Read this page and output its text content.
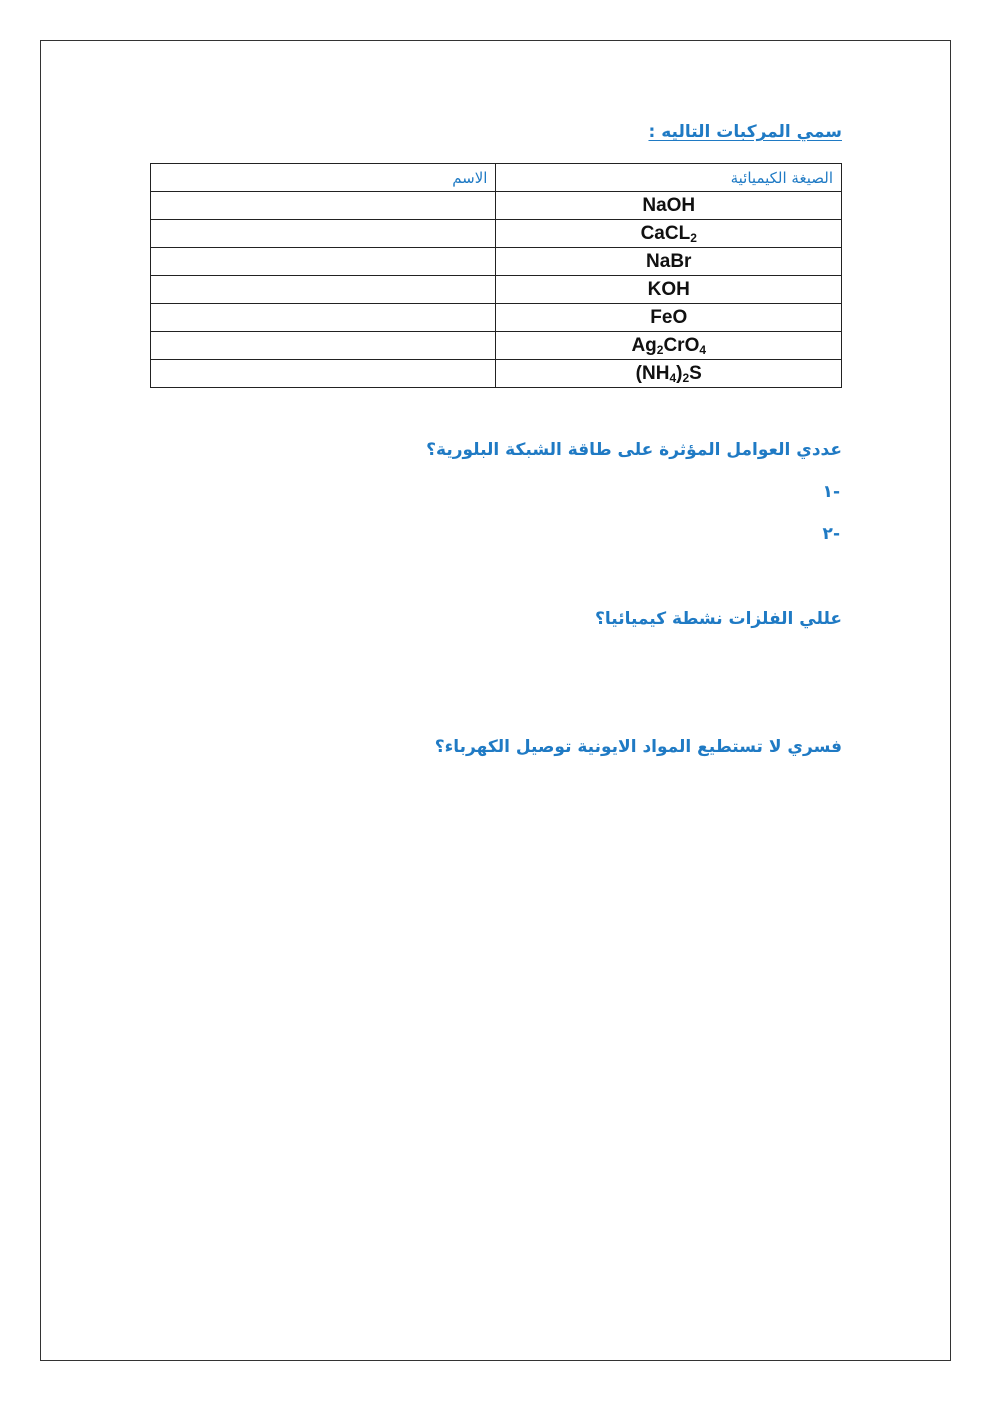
سمي المركبات التاليه :
الصيغة الكيميائية	الاسم
NaOH	
CaCL$_2$	
NaBr	
KOH	
FeO	
$Ag_2CrO_4$	
$(NH_4)_2S$	
عددي العوامل المؤثرة على طاقة الشبكة البلورية؟
-١
-٢
عللي الفلزات نشطة كيميائيا؟
فسري لا تستطيع المواد الايونية توصيل الكهرباء؟
